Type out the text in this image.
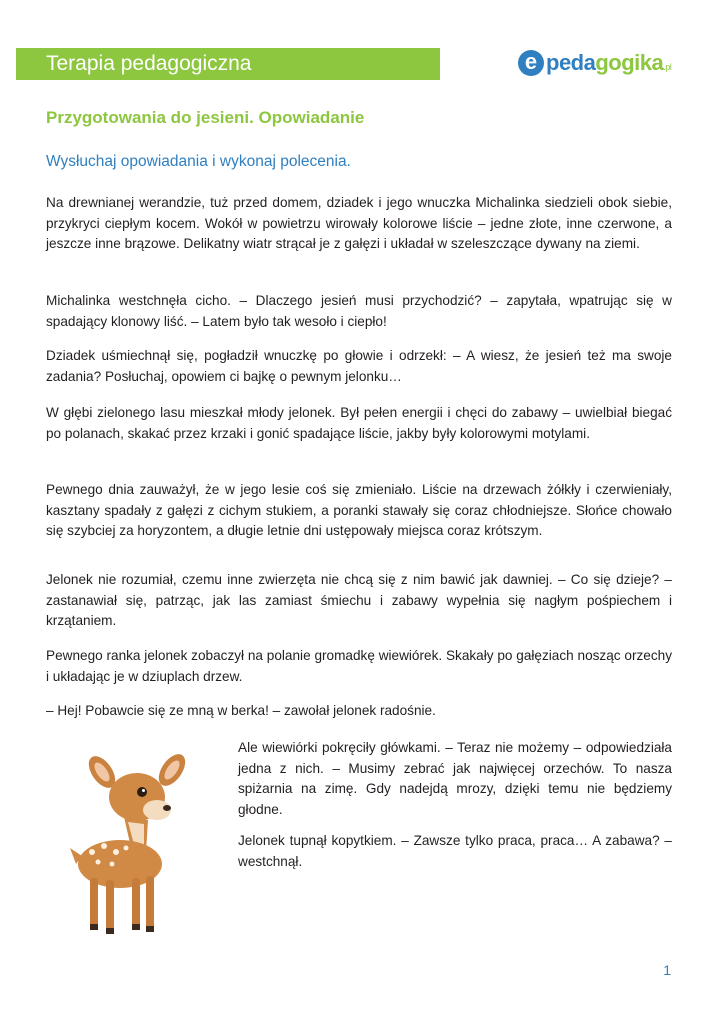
Terapia pedagogiczna	e pedagogika.pl
Przygotowania do jesieni. Opowiadanie
Wysłuchaj opowiadania i wykonaj polecenia.

Na drewnianej werandzie, tuż przed domem, dziadek i jego wnuczka Michalinka siedzieli obok siebie, przykryci ciepłym kocem. Wokół w powietrzu wirowały kolorowe liście – jedne złote, inne czerwone, a jeszcze inne brązowe. Delikatny wiatr strącał je z gałęzi i układał w szeleszczące dywany na ziemi.

Michalinka westchnęła cicho. – Dlaczego jesień musi przychodzić? – zapytała, wpatrując się w spadający klonowy liść. – Latem było tak wesoło i ciepło!

Dziadek uśmiechnął się, pogładził wnuczkę po głowie i odrzekł: – A wiesz, że jesień też ma swoje zadania? Posłuchaj, opowiem ci bajkę o pewnym jelonku…

W głębi zielonego lasu mieszkał młody jelonek. Był pełen energii i chęci do zabawy – uwielbiał biegać po polanach, skakać przez krzaki i gonić spadające liście, jakby były kolorowymi motylami.

Pewnego dnia zauważył, że w jego lesie coś się zmieniało. Liście na drzewach żółkły i czerwieniały, kasztany spadały z gałęzi z cichym stukiem, a poranki stawały się coraz chłodniejsze. Słońce chowało się szybciej za horyzontem, a długie letnie dni ustępowały miejsca coraz krótszym.

Jelonek nie rozumiał, czemu inne zwierzęta nie chcą się z nim bawić jak dawniej. – Co się dzieje? – zastanawiał się, patrząc, jak las zamiast śmiechu i zabawy wypełnia się nagłym pośpiechem i krzątaniem.

Pewnego ranka jelonek zobaczył na polanie gromadkę wiewiórek. Skakały po gałęziach nosząc orzechy i układając je w dziuplach drzew.

– Hej! Pobawcie się ze mną w berka! – zawołał jelonek radośnie.

Ale wiewiórki pokręciły główkami. – Teraz nie możemy – odpowiedziała jedna z nich. – Musimy zebrać jak najwięcej orzechów. To nasza spiżarnia na zimę. Gdy nadejdą mrozy, dzięki temu nie będziemy głodne.

Jelonek tupnął kopytkiem. – Zawsze tylko praca, praca… A zabawa? – westchnął.

1
